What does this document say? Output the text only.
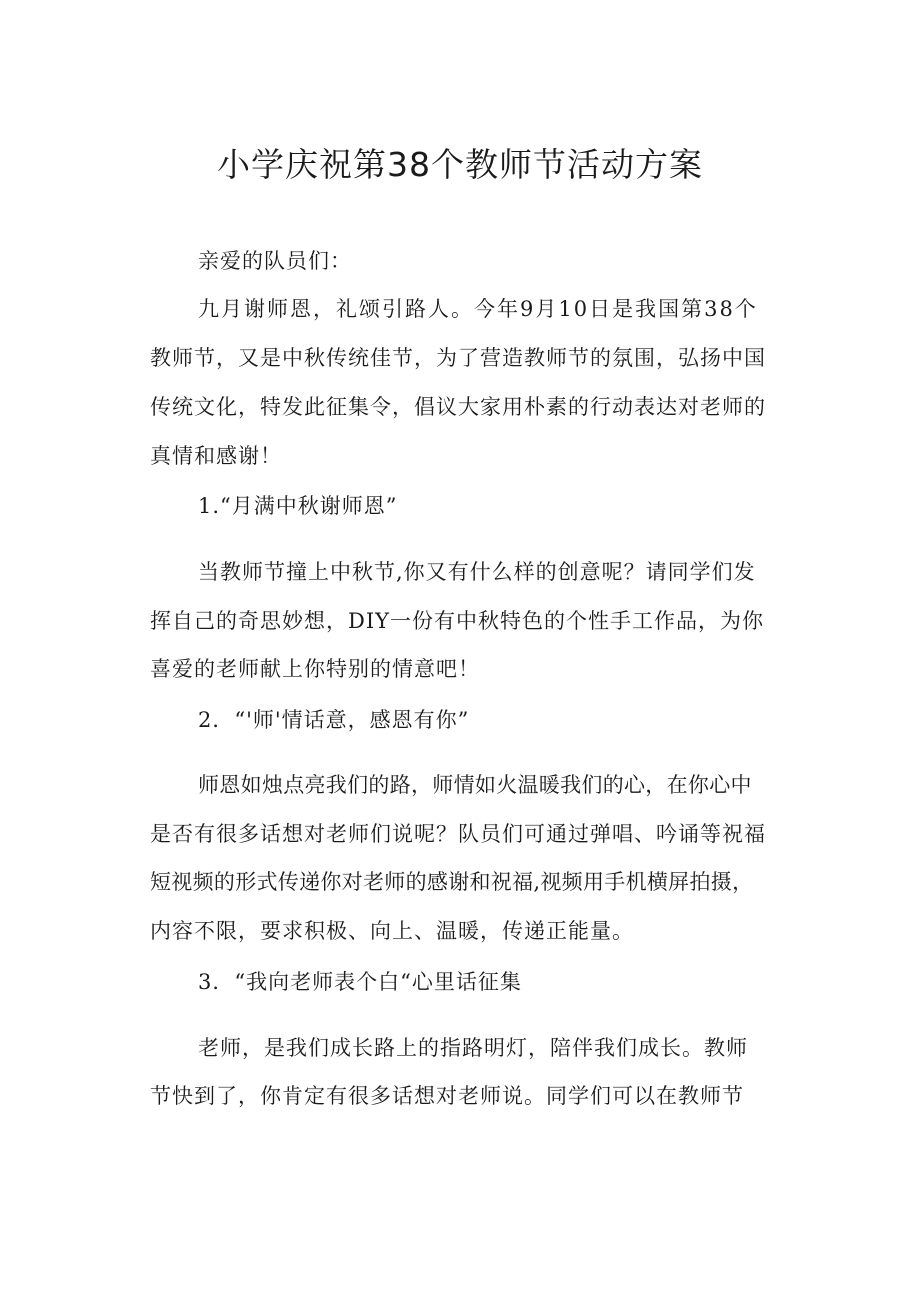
小学庆祝第38个教师节活动方案

亲爱的队员们：

九月谢师恩，礼颂引路人。今年9月10日是我国第38个

教师节，又是中秋传统佳节，为了营造教师节的氛围，弘扬中国

传统文化，特发此征集令，倡议大家用朴素的行动表达对老师的

真情和感谢！

1.“月满中秋谢师恩”

当教师节撞上中秋节,你又有什么样的创意呢？请同学们发

挥自己的奇思妙想，DIY一份有中秋特色的个性手工作品，为你

喜爱的老师献上你特别的情意吧！

2．“'师'情话意，感恩有你”

师恩如烛点亮我们的路，师情如火温暖我们的心，在你心中

是否有很多话想对老师们说呢？队员们可通过弹唱、吟诵等祝福

短视频的形式传递你对老师的感谢和祝福,视频用手机横屏拍摄，

内容不限，要求积极、向上、温暖，传递正能量。

3．“我向老师表个白“心里话征集

老师，是我们成长路上的指路明灯，陪伴我们成长。教师

节快到了，你肯定有很多话想对老师说。同学们可以在教师节
